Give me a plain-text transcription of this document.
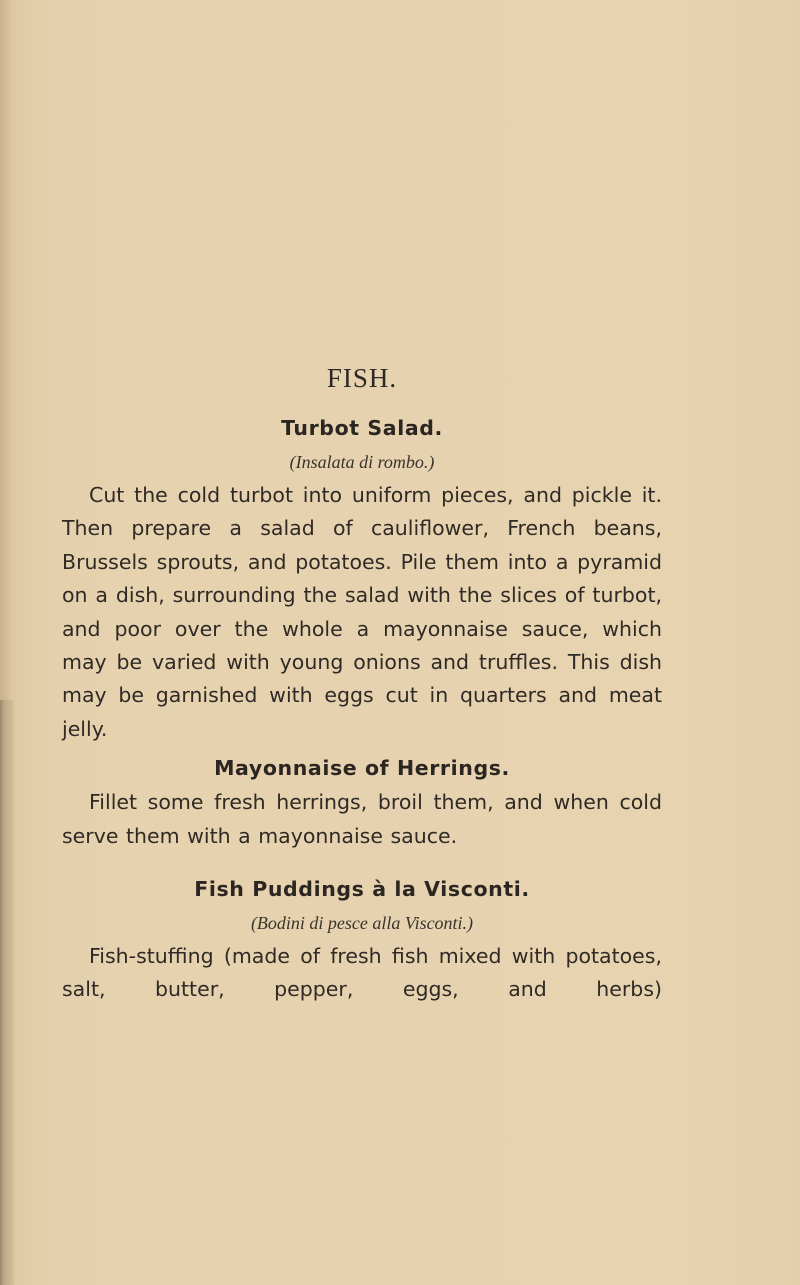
FISH.
Turbot Salad.
(Insalata di rombo.)

Cut the cold turbot into uniform pieces, and pickle it. Then prepare a salad of cauliflower, French beans, Brussels sprouts, and potatoes. Pile them into a pyramid on a dish, surrounding the salad with the slices of turbot, and poor over the whole a mayonnaise sauce, which may be varied with young onions and truffles. This dish may be garnished with eggs cut in quarters and meat jelly.

Mayonnaise of Herrings.

Fillet some fresh herrings, broil them, and when cold serve them with a mayonnaise sauce.

Fish Puddings à la Visconti.
(Bodini di pesce alla Visconti.)

Fish-stuffing (made of fresh fish mixed with potatoes, salt, butter, pepper, eggs, and herbs)
